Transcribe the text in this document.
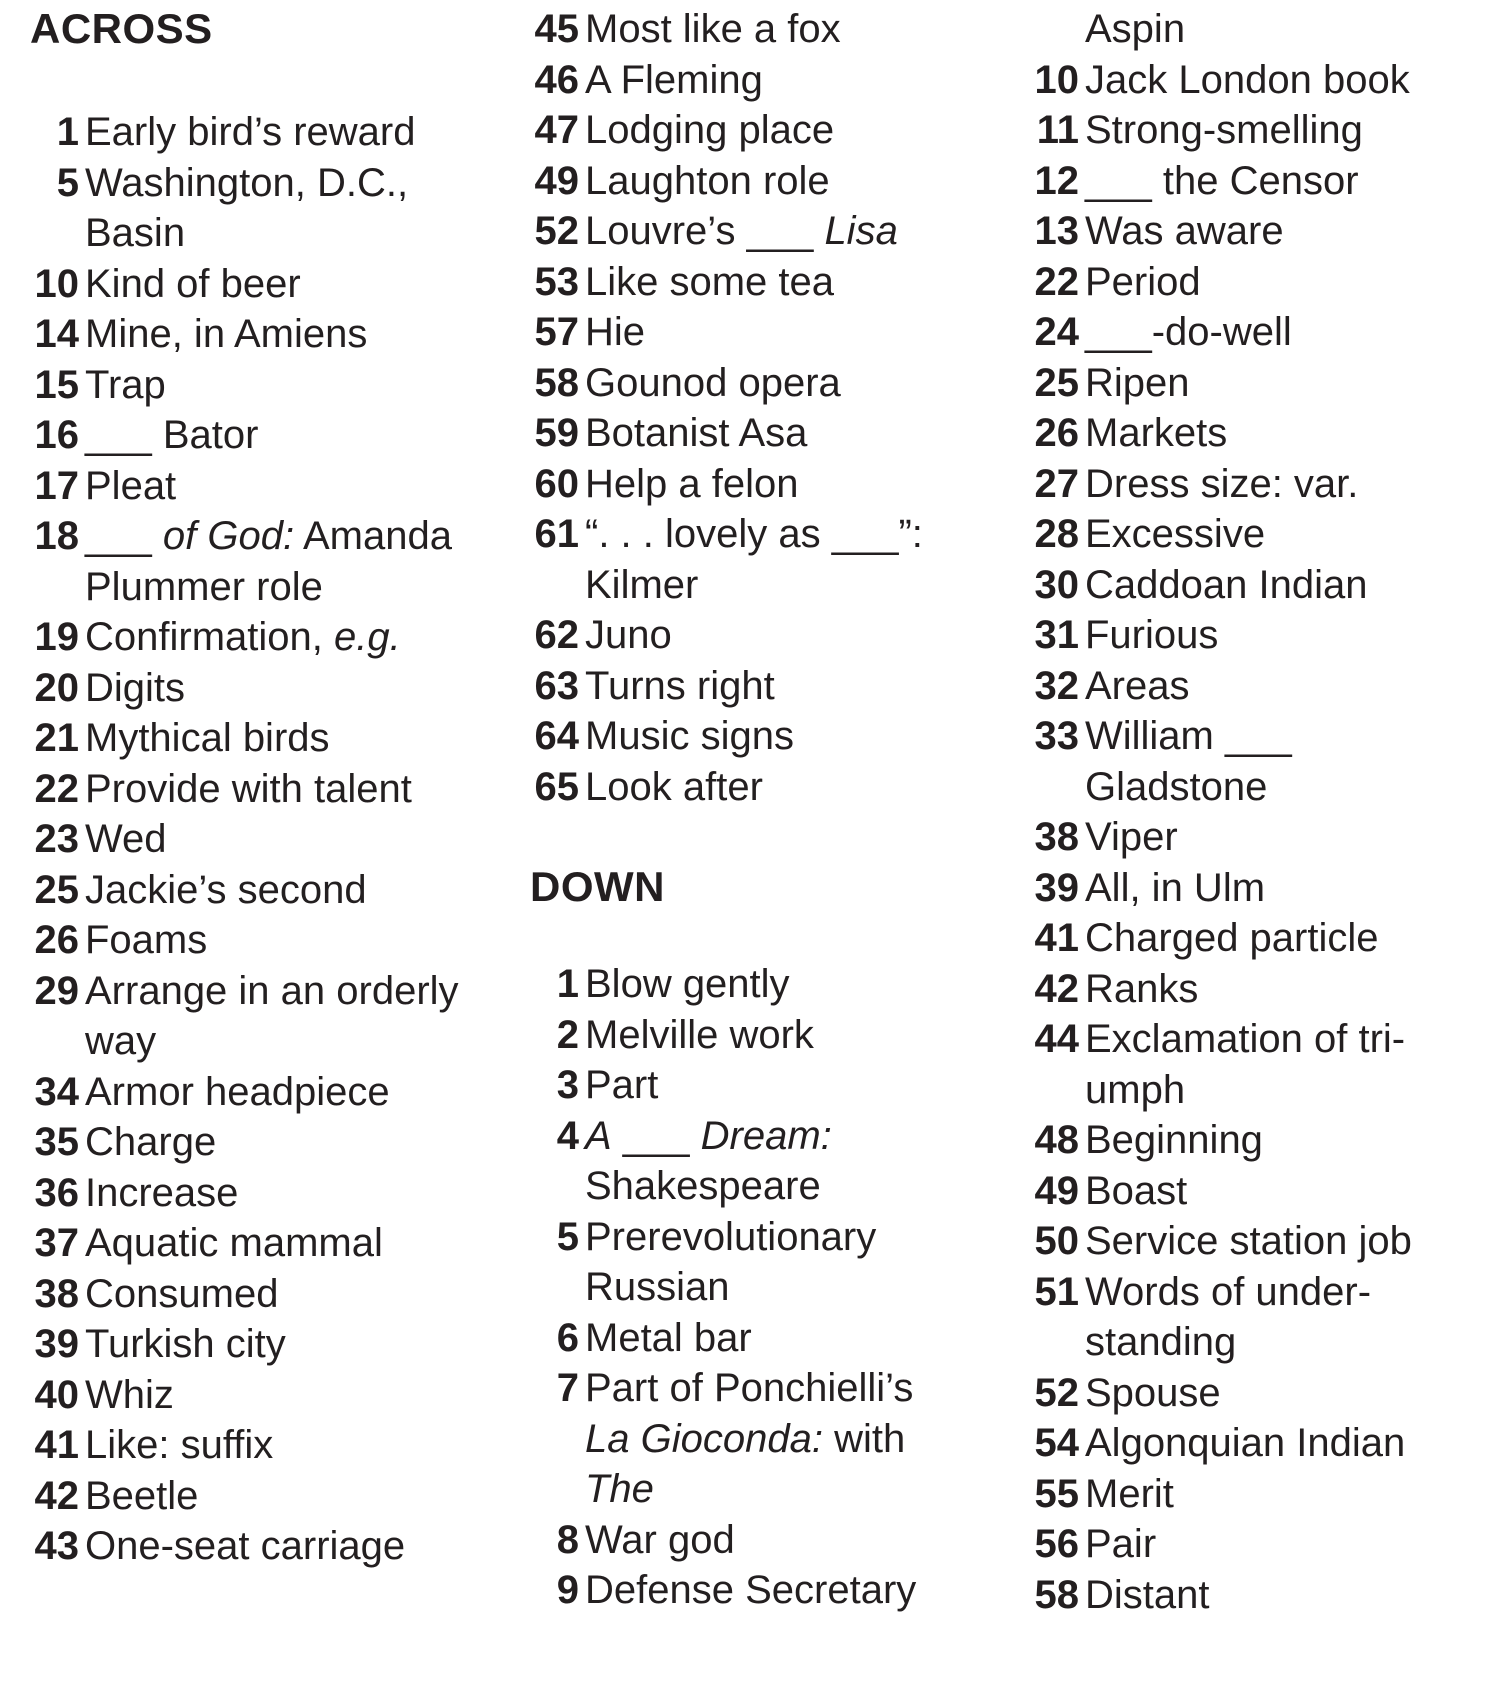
ACROSS
1 Early bird’s reward
5 Washington, D.C.,
Basin
10 Kind of beer
14 Mine, in Amiens
15 Trap
16 ___ Bator
17 Pleat
18 ___ of God: Amanda
Plummer role
19 Confirmation, e.g.
20 Digits
21 Mythical birds
22 Provide with talent
23 Wed
25 Jackie’s second
26 Foams
29 Arrange in an orderly
way
34 Armor headpiece
35 Charge
36 Increase
37 Aquatic mammal
38 Consumed
39 Turkish city
40 Whiz
41 Like: suffix
42 Beetle
43 One-seat carriage
45 Most like a fox
46 A Fleming
47 Lodging place
49 Laughton role
52 Louvre’s ___ Lisa
53 Like some tea
57 Hie
58 Gounod opera
59 Botanist Asa
60 Help a felon
61 “. . . lovely as ___”:
Kilmer
62 Juno
63 Turns right
64 Music signs
65 Look after
DOWN
1 Blow gently
2 Melville work
3 Part
4 A ___ Dream:
Shakespeare
5 Prerevolutionary
Russian
6 Metal bar
7 Part of Ponchielli’s
La Gioconda: with
The
8 War god
9 Defense Secretary
Aspin
10 Jack London book
11 Strong-smelling
12 ___ the Censor
13 Was aware
22 Period
24 ___-do-well
25 Ripen
26 Markets
27 Dress size: var.
28 Excessive
30 Caddoan Indian
31 Furious
32 Areas
33 William ___
Gladstone
38 Viper
39 All, in Ulm
41 Charged particle
42 Ranks
44 Exclamation of tri-
umph
48 Beginning
49 Boast
50 Service station job
51 Words of under-
standing
52 Spouse
54 Algonquian Indian
55 Merit
56 Pair
58 Distant
